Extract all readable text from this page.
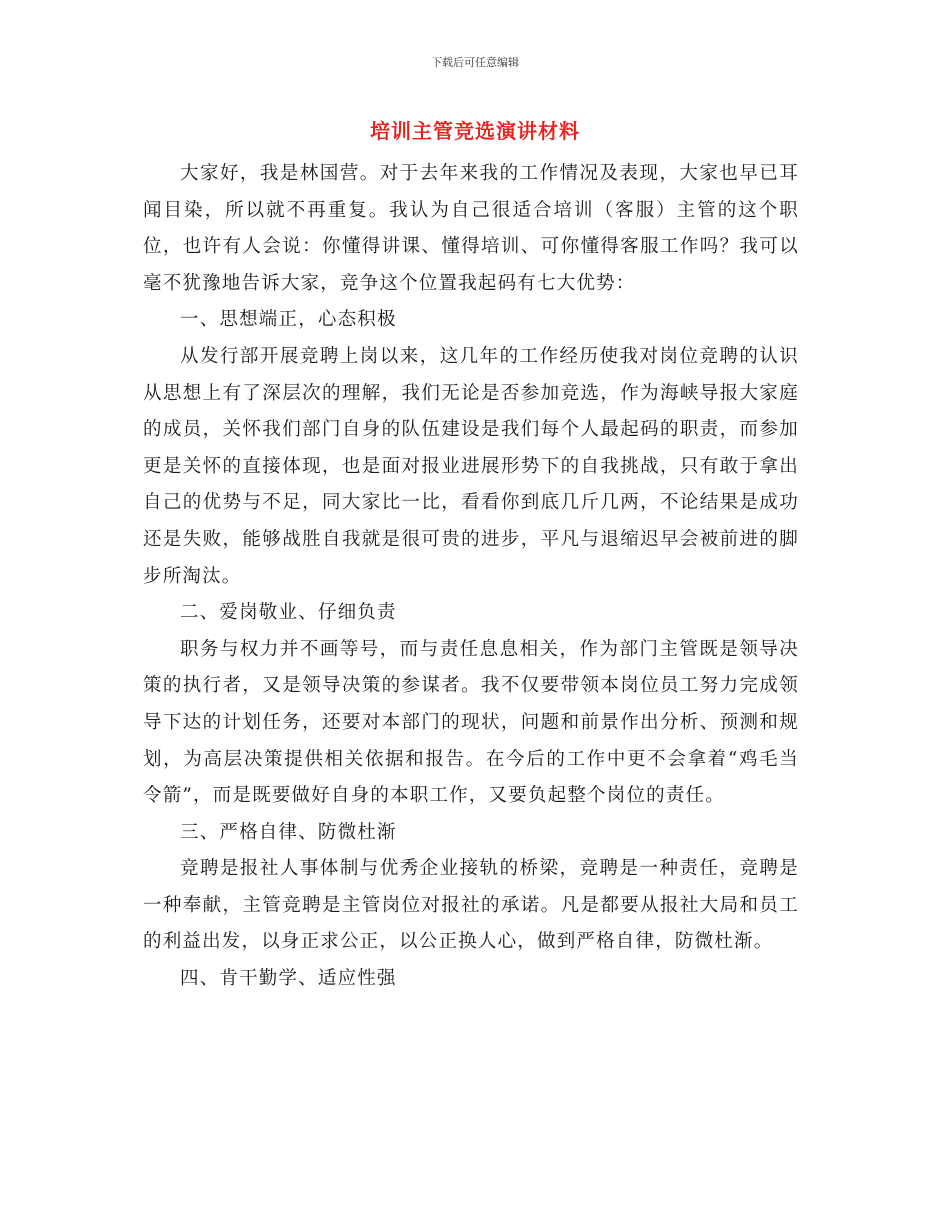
下载后可任意编辑
培训主管竞选演讲材料

大家好，我是林国营。对于去年来我的工作情况及表现，大家也早已耳闻目染，所以就不再重复。我认为自己很适合培训（客服）主管的这个职位，也许有人会说：你懂得讲课、懂得培训、可你懂得客服工作吗？我可以毫不犹豫地告诉大家，竞争这个位置我起码有七大优势：

一、思想端正，心态积极

从发行部开展竞聘上岗以来，这几年的工作经历使我对岗位竞聘的认识从思想上有了深层次的理解，我们无论是否参加竞选，作为海峡导报大家庭的成员，关怀我们部门自身的队伍建设是我们每个人最起码的职责，而参加更是关怀的直接体现，也是面对报业进展形势下的自我挑战，只有敢于拿出自己的优势与不足，同大家比一比，看看你到底几斤几两，不论结果是成功还是失败，能够战胜自我就是很可贵的进步，平凡与退缩迟早会被前进的脚步所淘汰。

二、爱岗敬业、仔细负责

职务与权力并不画等号，而与责任息息相关，作为部门主管既是领导决策的执行者，又是领导决策的参谋者。我不仅要带领本岗位员工努力完成领导下达的计划任务，还要对本部门的现状，问题和前景作出分析、预测和规划，为高层决策提供相关依据和报告。在今后的工作中更不会拿着“鸡毛当令箭”，而是既要做好自身的本职工作，又要负起整个岗位的责任。

三、严格自律、防微杜渐

竞聘是报社人事体制与优秀企业接轨的桥梁，竞聘是一种责任，竞聘是一种奉献，主管竞聘是主管岗位对报社的承诺。凡是都要从报社大局和员工的利益出发，以身正求公正，以公正换人心，做到严格自律，防微杜渐。

四、肯干勤学、适应性强
